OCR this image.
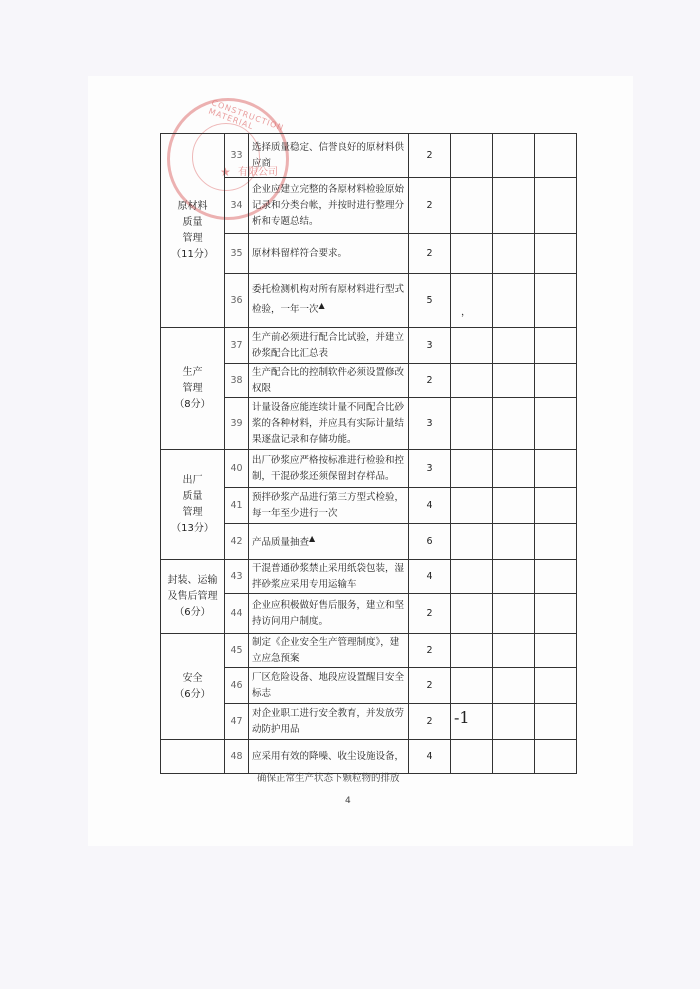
CONSTRUCTION MATERIAL
有限公司
★
原材料
质量
管理
（11分）	33	选择质量稳定、信誉良好的原材料供应商	2			
	34	企业应建立完整的各原材料检验原始记录和分类台帐，并按时进行整理分析和专题总结。	2			
	35	原材料留样符合要求。	2			
	36	委托检测机构对所有原材料进行型式检验，一年一次▲	5			

生产
管理
（8分）	37	生产前必须进行配合比试验，并建立砂浆配合比汇总表	3			
	38	生产配合比的控制软件必须设置修改权限	2			
	39	计量设备应能连续计量不同配合比砂浆的各种材料，并应具有实际计量结果逐盘记录和存储功能。	3			

出厂
质量
管理
（13分）	40	出厂砂浆应严格按标准进行检验和控制，干混砂浆还须保留封存样品。	3			
	41	预拌砂浆产品进行第三方型式检验，每一年至少进行一次	4			
	42	产品质量抽查▲	6			

封装、运输
及售后管理
（6分）	43	干混普通砂浆禁止采用纸袋包装，湿拌砂浆应采用专用运输车	4			
	44	企业应积极做好售后服务，建立和坚持访问用户制度。	2			

安全
（6分）	45	制定《企业安全生产管理制度》，建立应急预案	2			
	46	厂区危险设备、地段应设置醒目安全标志	2			
	47	对企业职工进行安全教育，并发放劳动防护用品	2			
	48	应采用有效的降噪、收尘设施设备，	4			
，
-1
确保正常生产状态下颗粒物的排放
4
